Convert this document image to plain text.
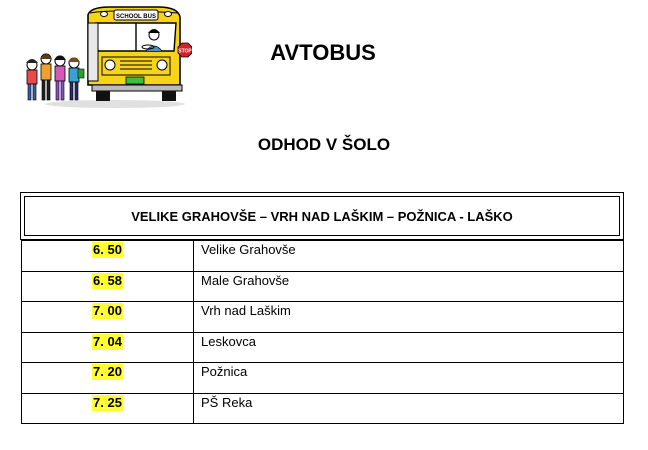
SCHOOL BUS
STOP	AVTOBUS
ODHOD V ŠOLO
VELIKE GRAHOVŠE – VRH NAD LAŠKIM – POŽNICA - LAŠKO
6. 50	Velike Grahovše
6. 58	Male Grahovše
7. 00	Vrh nad Laškim
7. 04	Leskovca
7. 20	Požnica
7. 25	PŠ Reka
